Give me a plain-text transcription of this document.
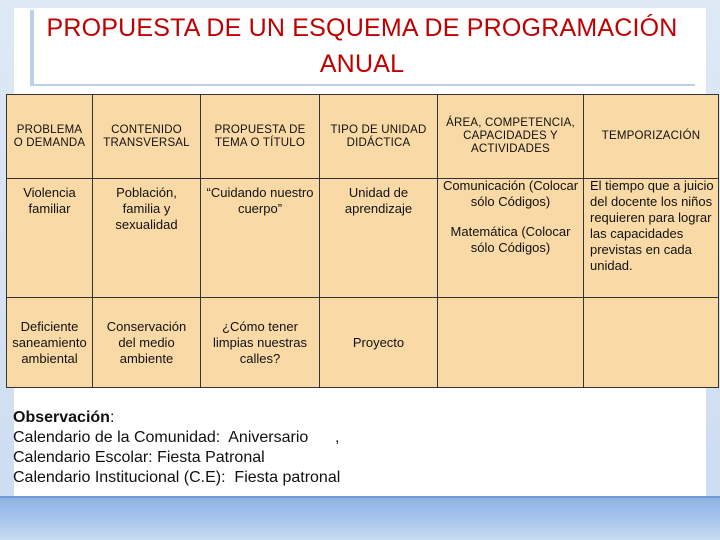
PROPUESTA DE UN ESQUEMA DE PROGRAMACIÓN
ANUAL
PROBLEMA O DEMANDA
CONTENIDO TRANSVERSAL
PROPUESTA DE TEMA O TÍTULO
TIPO DE UNIDAD DIDÁCTICA
ÁREA, COMPETENCIA, CAPACIDADES Y ACTIVIDADES
TEMPORIZACIÓN
Violencia familiar
Población, familia y sexualidad
“Cuidando nuestro cuerpo”
Unidad de aprendizaje
Comunicación (Colocar sólo Códigos)
Matemática (Colocar sólo Códigos)
El tiempo que a juicio del docente los niños requieren para lograr las capacidades previstas en cada unidad.
Deficiente saneamiento ambiental
Conservación del medio ambiente
¿Cómo tener limpias nuestras calles?
Proyecto
Observación:
Calendario de la Comunidad:  Aniversario      ,
Calendario Escolar: Fiesta Patronal
Calendario Institucional (C.E):  Fiesta patronal
